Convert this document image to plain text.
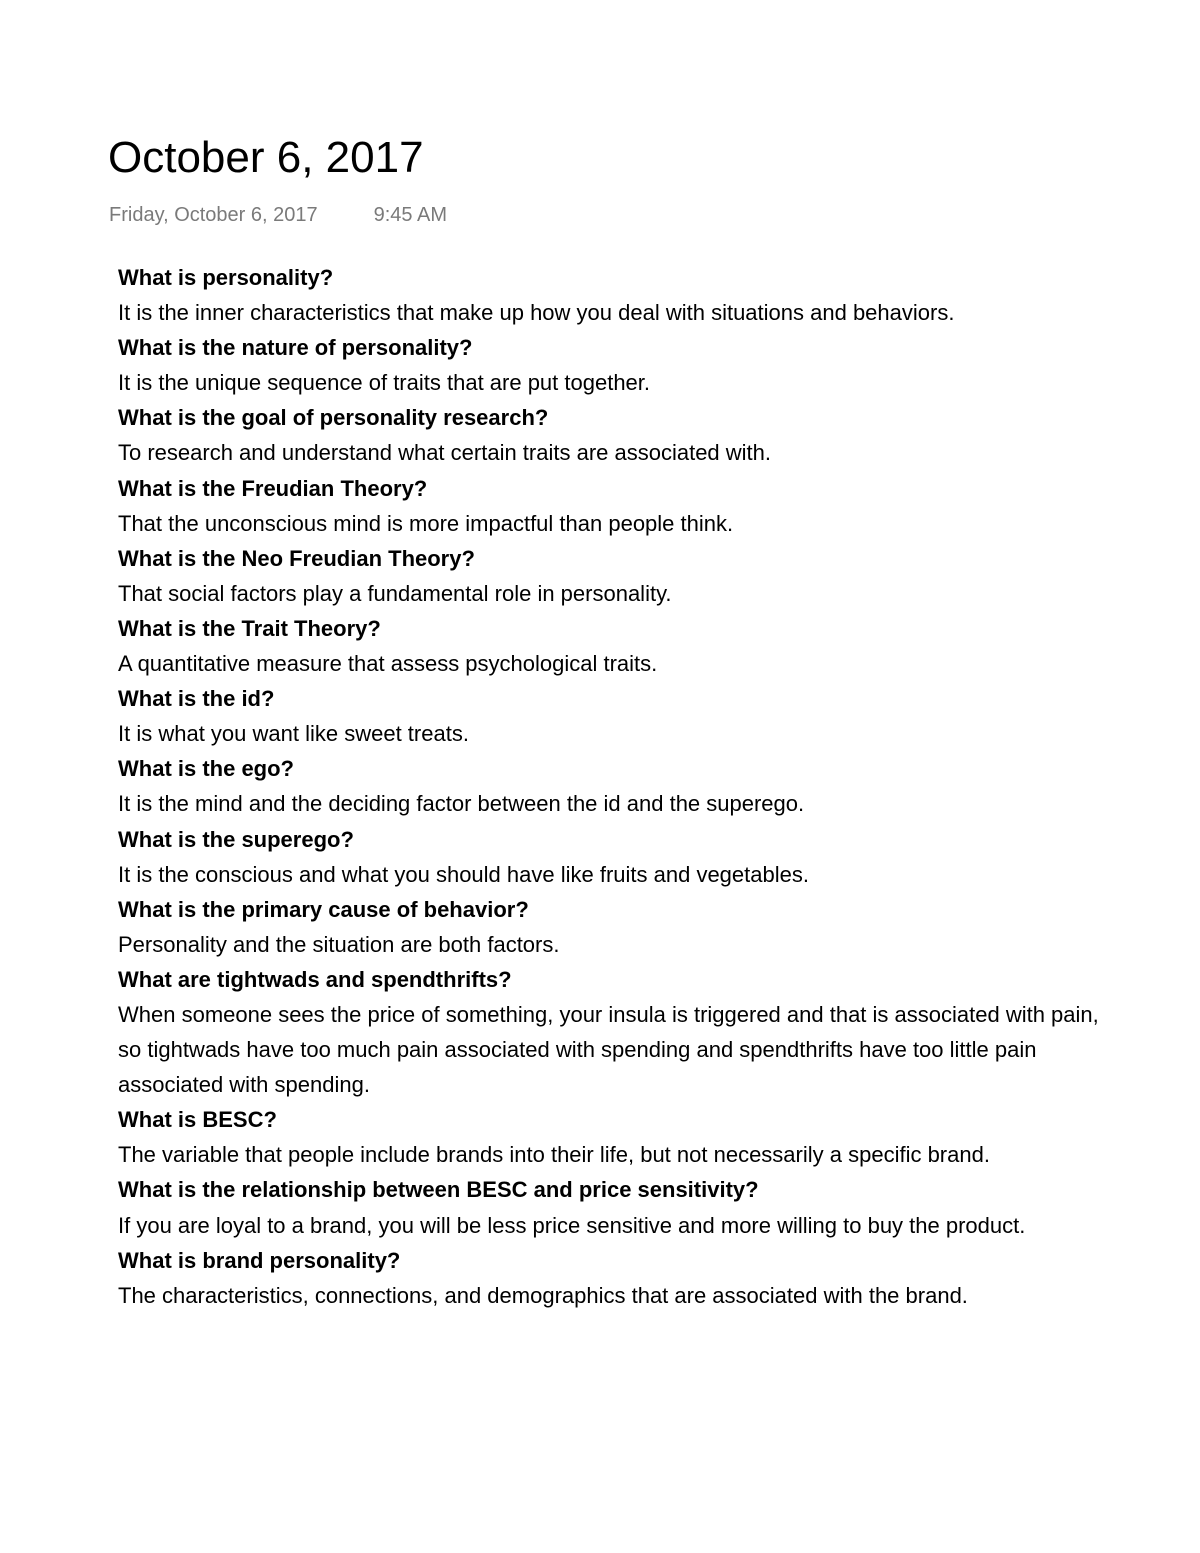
October 6, 2017
Friday, October 6, 2017	9:45 AM

What is personality?

It is the inner characteristics that make up how you deal with situations and behaviors.

What is the nature of personality?

It is the unique sequence of traits that are put together.

What is the goal of personality research?

To research and understand what certain traits are associated with.

What is the Freudian Theory?

That the unconscious mind is more impactful than people think.

What is the Neo Freudian Theory?

That social factors play a fundamental role in personality.

What is the Trait Theory?

A quantitative measure that assess psychological traits.

What is the id?

It is what you want like sweet treats.

What is the ego?

It is the mind and the deciding factor between the id and the superego.

What is the superego?

It is the conscious and what you should have like fruits and vegetables.

What is the primary cause of behavior?

Personality and the situation are both factors.

What are tightwads and spendthrifts?

When someone sees the price of something, your insula is triggered and that is associated with pain, so tightwads have too much pain associated with spending and spendthrifts have too little pain associated with spending.

What is BESC?

The variable that people include brands into their life, but not necessarily a specific brand.

What is the relationship between BESC and price sensitivity?

If you are loyal to a brand, you will be less price sensitive and more willing to buy the product.

What is brand personality?

The characteristics, connections, and demographics that are associated with the brand.
